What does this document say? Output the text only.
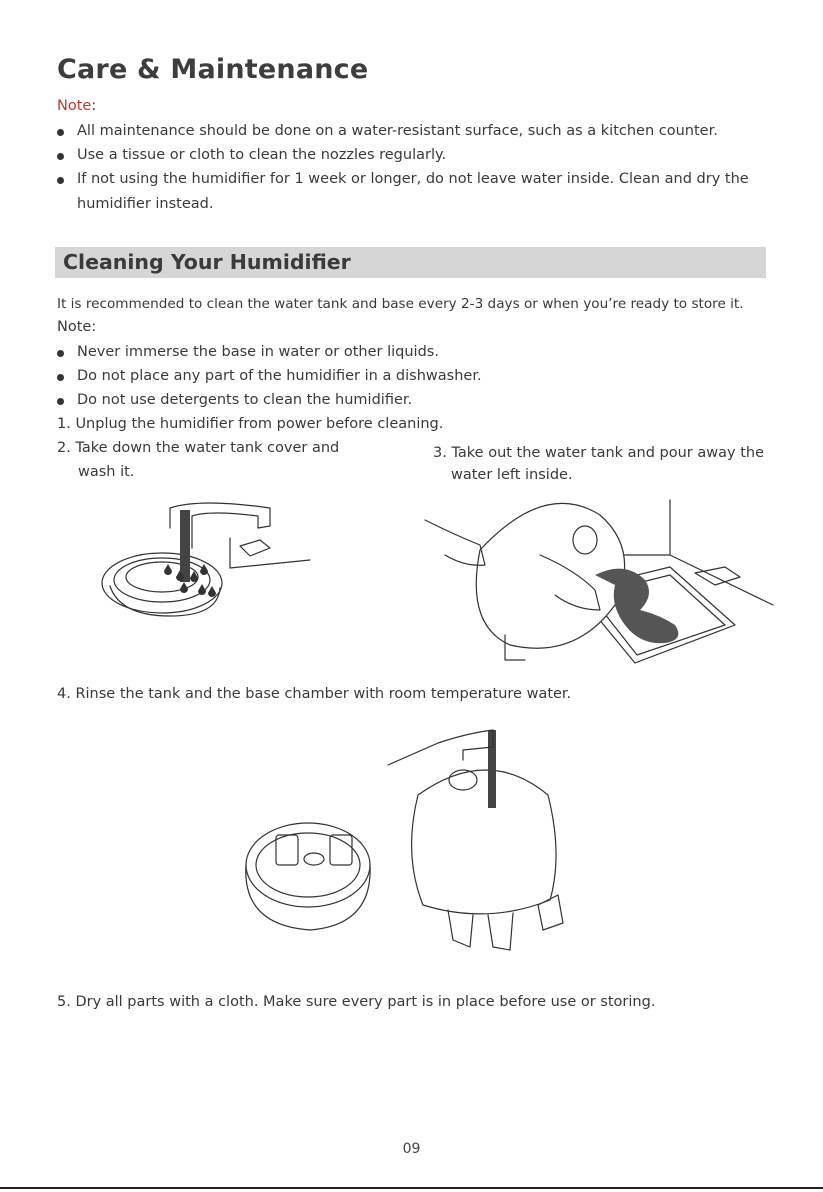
Care & Maintenance
Note:
All maintenance should be done on a water-resistant surface, such as a kitchen counter.
Use a tissue or cloth to clean the nozzles regularly.
If not using the humidifier for 1 week or longer, do not leave water inside. Clean and dry the
humidifier instead.
Cleaning Your Humidifier
It is recommended to clean the water tank and base every 2-3 days or when you’re ready to store it.
Note:
Never immerse the base in water or other liquids.
Do not place any part of the humidifier in a dishwasher.
Do not use detergents to clean the humidifier.
1. Unplug the humidifier from power before cleaning.
2. Take down the water tank cover and
wash it.
3. Take out the water tank and pour away the
water left inside.
4. Rinse the tank and the base chamber with room temperature water.
5. Dry all parts with a cloth. Make sure every part is in place before use or storing.
09
